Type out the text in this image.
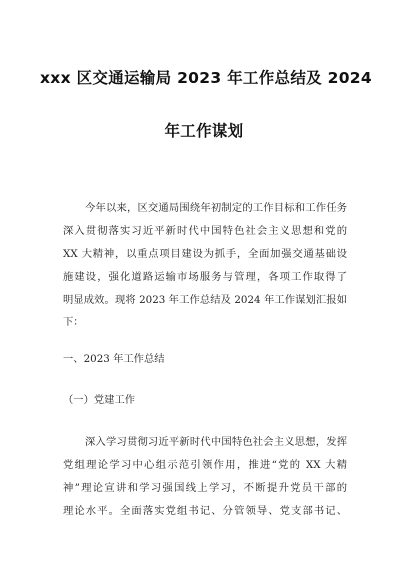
xxx 区交通运输局 2023 年工作总结及 2024
年工作谋划
今年以来，区交通局围绕年初制定的工作目标和工作任务
深入贯彻落实习近平新时代中国特色社会主义思想和党的
XX 大精神，以重点项目建设为抓手，全面加强交通基础设
施建设，强化道路运输市场服务与管理，各项工作取得了
明显成效。现将 2023 年工作总结及 2024 年工作谋划汇报如
下：
一、2023 年工作总结
（一）党建工作
深入学习贯彻习近平新时代中国特色社会主义思想，发挥
党组理论学习中心组示范引领作用，推进“党的 XX 大精
神”理论宣讲和学习强国线上学习，不断提升党员干部的
理论水平。全面落实党组书记、分管领导、党支部书记、
